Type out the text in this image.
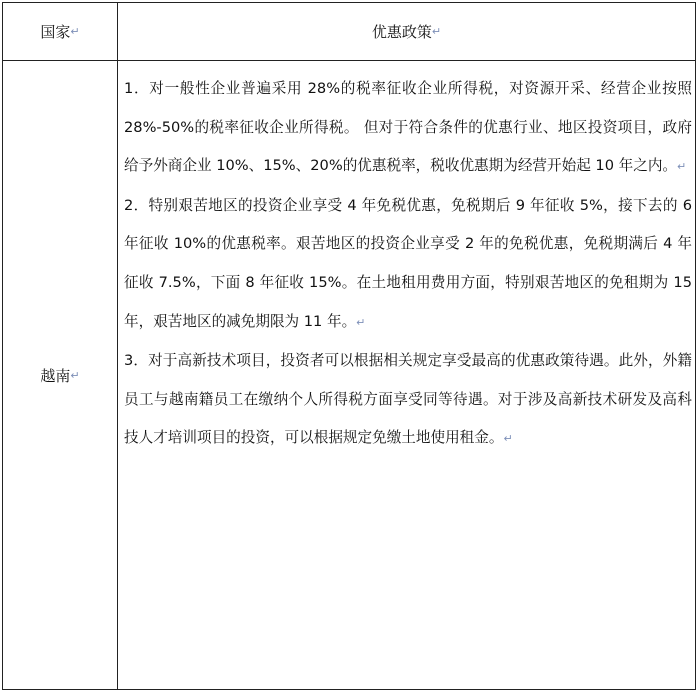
国家 ↵	优惠政策 ↵
越南 ↵

1．对一般性企业普遍采用 28%的税率征收企业所得税，对资源开采、经营企业按照 28%-50%的税率征收企业所得税。 但对于符合条件的优惠行业、地区投资项目，政府给予外商企业 10%、15%、20%的优惠税率，税收优惠期为经营开始起 10 年之内。↵

2．特别艰苦地区的投资企业享受 4 年免税优惠，免税期后 9 年征收 5%，接下去的 6 年征收 10%的优惠税率。艰苦地区的投资企业享受 2 年的免税优惠，免税期满后 4 年征收 7.5%，下面 8 年征收 15%。在土地租用费用方面，特别艰苦地区的免租期为 15 年，艰苦地区的减免期限为 11 年。↵

3．对于高新技术项目，投资者可以根据相关规定享受最高的优惠政策待遇。此外，外籍员工与越南籍员工在缴纳个人所得税方面享受同等待遇。对于涉及高新技术研发及高科技人才培训项目的投资，可以根据规定免缴土地使用租金。↵
